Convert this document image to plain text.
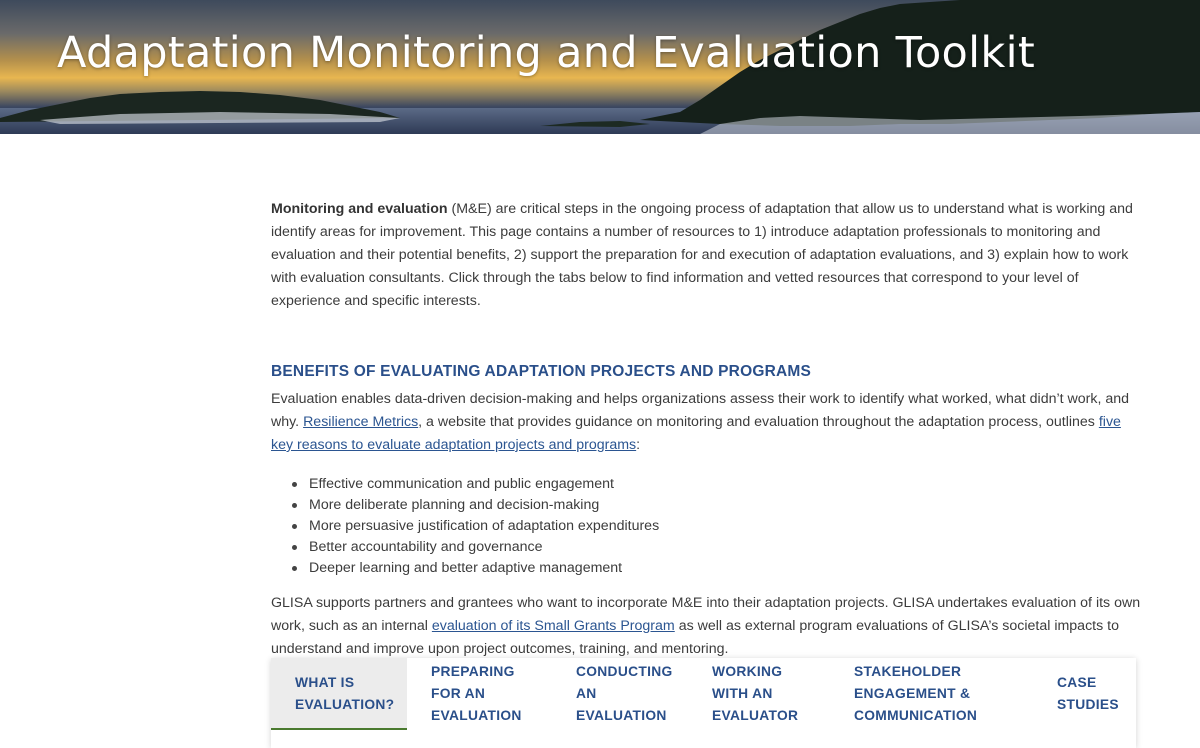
Adaptation Monitoring and Evaluation Toolkit

Monitoring and evaluation (M&E) are critical steps in the ongoing process of adaptation that allow us to understand what is working and identify areas for improvement. This page contains a number of resources to 1) introduce adaptation professionals to monitoring and evaluation and their potential benefits, 2) support the preparation for and execution of adaptation evaluations, and 3) explain how to work with evaluation consultants. Click through the tabs below to find information and vetted resources that correspond to your level of experience and specific interests.

BENEFITS OF EVALUATING ADAPTATION PROJECTS AND PROGRAMS

Evaluation enables data-driven decision-making and helps organizations assess their work to identify what worked, what didn’t work, and why. Resilience Metrics, a website that provides guidance on monitoring and evaluation throughout the adaptation process, outlines five key reasons to evaluate adaptation projects and programs:

Effective communication and public engagement
More deliberate planning and decision-making
More persuasive justification of adaptation expenditures
Better accountability and governance
Deeper learning and better adaptive management

GLISA supports partners and grantees who want to incorporate M&E into their adaptation projects. GLISA undertakes evaluation of its own work, such as an internal evaluation of its Small Grants Program as well as external program evaluations of GLISA’s societal impacts to understand and improve upon project outcomes, training, and mentoring.

WHAT IS
EVALUATION?
PREPARING
FOR AN
EVALUATION
CONDUCTING
AN
EVALUATION
WORKING
WITH AN
EVALUATOR
STAKEHOLDER
ENGAGEMENT &
COMMUNICATION
CASE
STUDIES
